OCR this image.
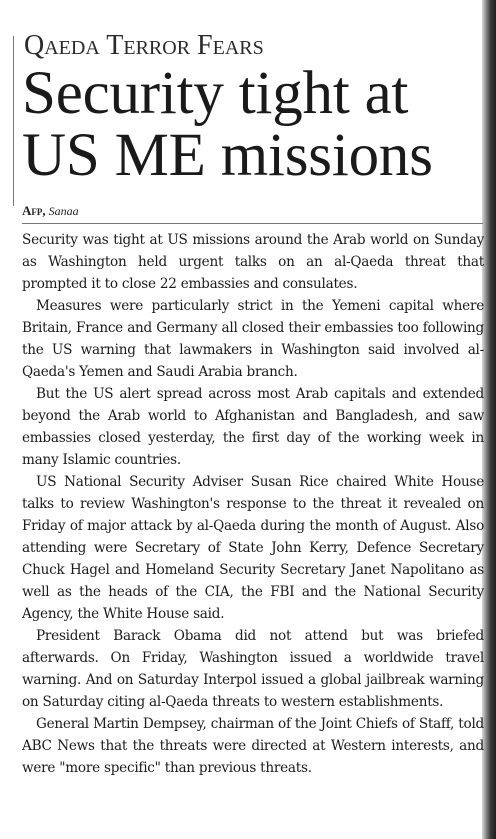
Qaeda Terror Fears
Security tight at
US ME missions
Afp, Sanaa

Security was tight at US missions around the Arab world on Sunday as Washington held urgent talks on an al-Qaeda threat that prompted it to close 22 embassies and consulates.

Measures were particularly strict in the Yemeni capital where Britain, France and Germany all closed their embassies too following the US warning that lawmakers in Washington said involved al-Qaeda's Yemen and Saudi Arabia branch.

But the US alert spread across most Arab capitals and extended beyond the Arab world to Afghanistan and Bangladesh, and saw embassies closed yesterday, the first day of the working week in many Islamic countries.

US National Security Adviser Susan Rice chaired White House talks to review Washington's response to the threat it revealed on Friday of major attack by al-Qaeda during the month of August. Also attending were Secretary of State John Kerry, Defence Secretary Chuck Hagel and Homeland Security Secretary Janet Napolitano as well as the heads of the CIA, the FBI and the National Security Agency, the White House said.

President Barack Obama did not attend but was briefed afterwards. On Friday, Washington issued a worldwide travel warning. And on Saturday Interpol issued a global jailbreak warning on Saturday citing al-Qaeda threats to western establishments.

General Martin Dempsey, chairman of the Joint Chiefs of Staff, told ABC News that the threats were directed at Western interests, and were "more specific" than previous threats.
